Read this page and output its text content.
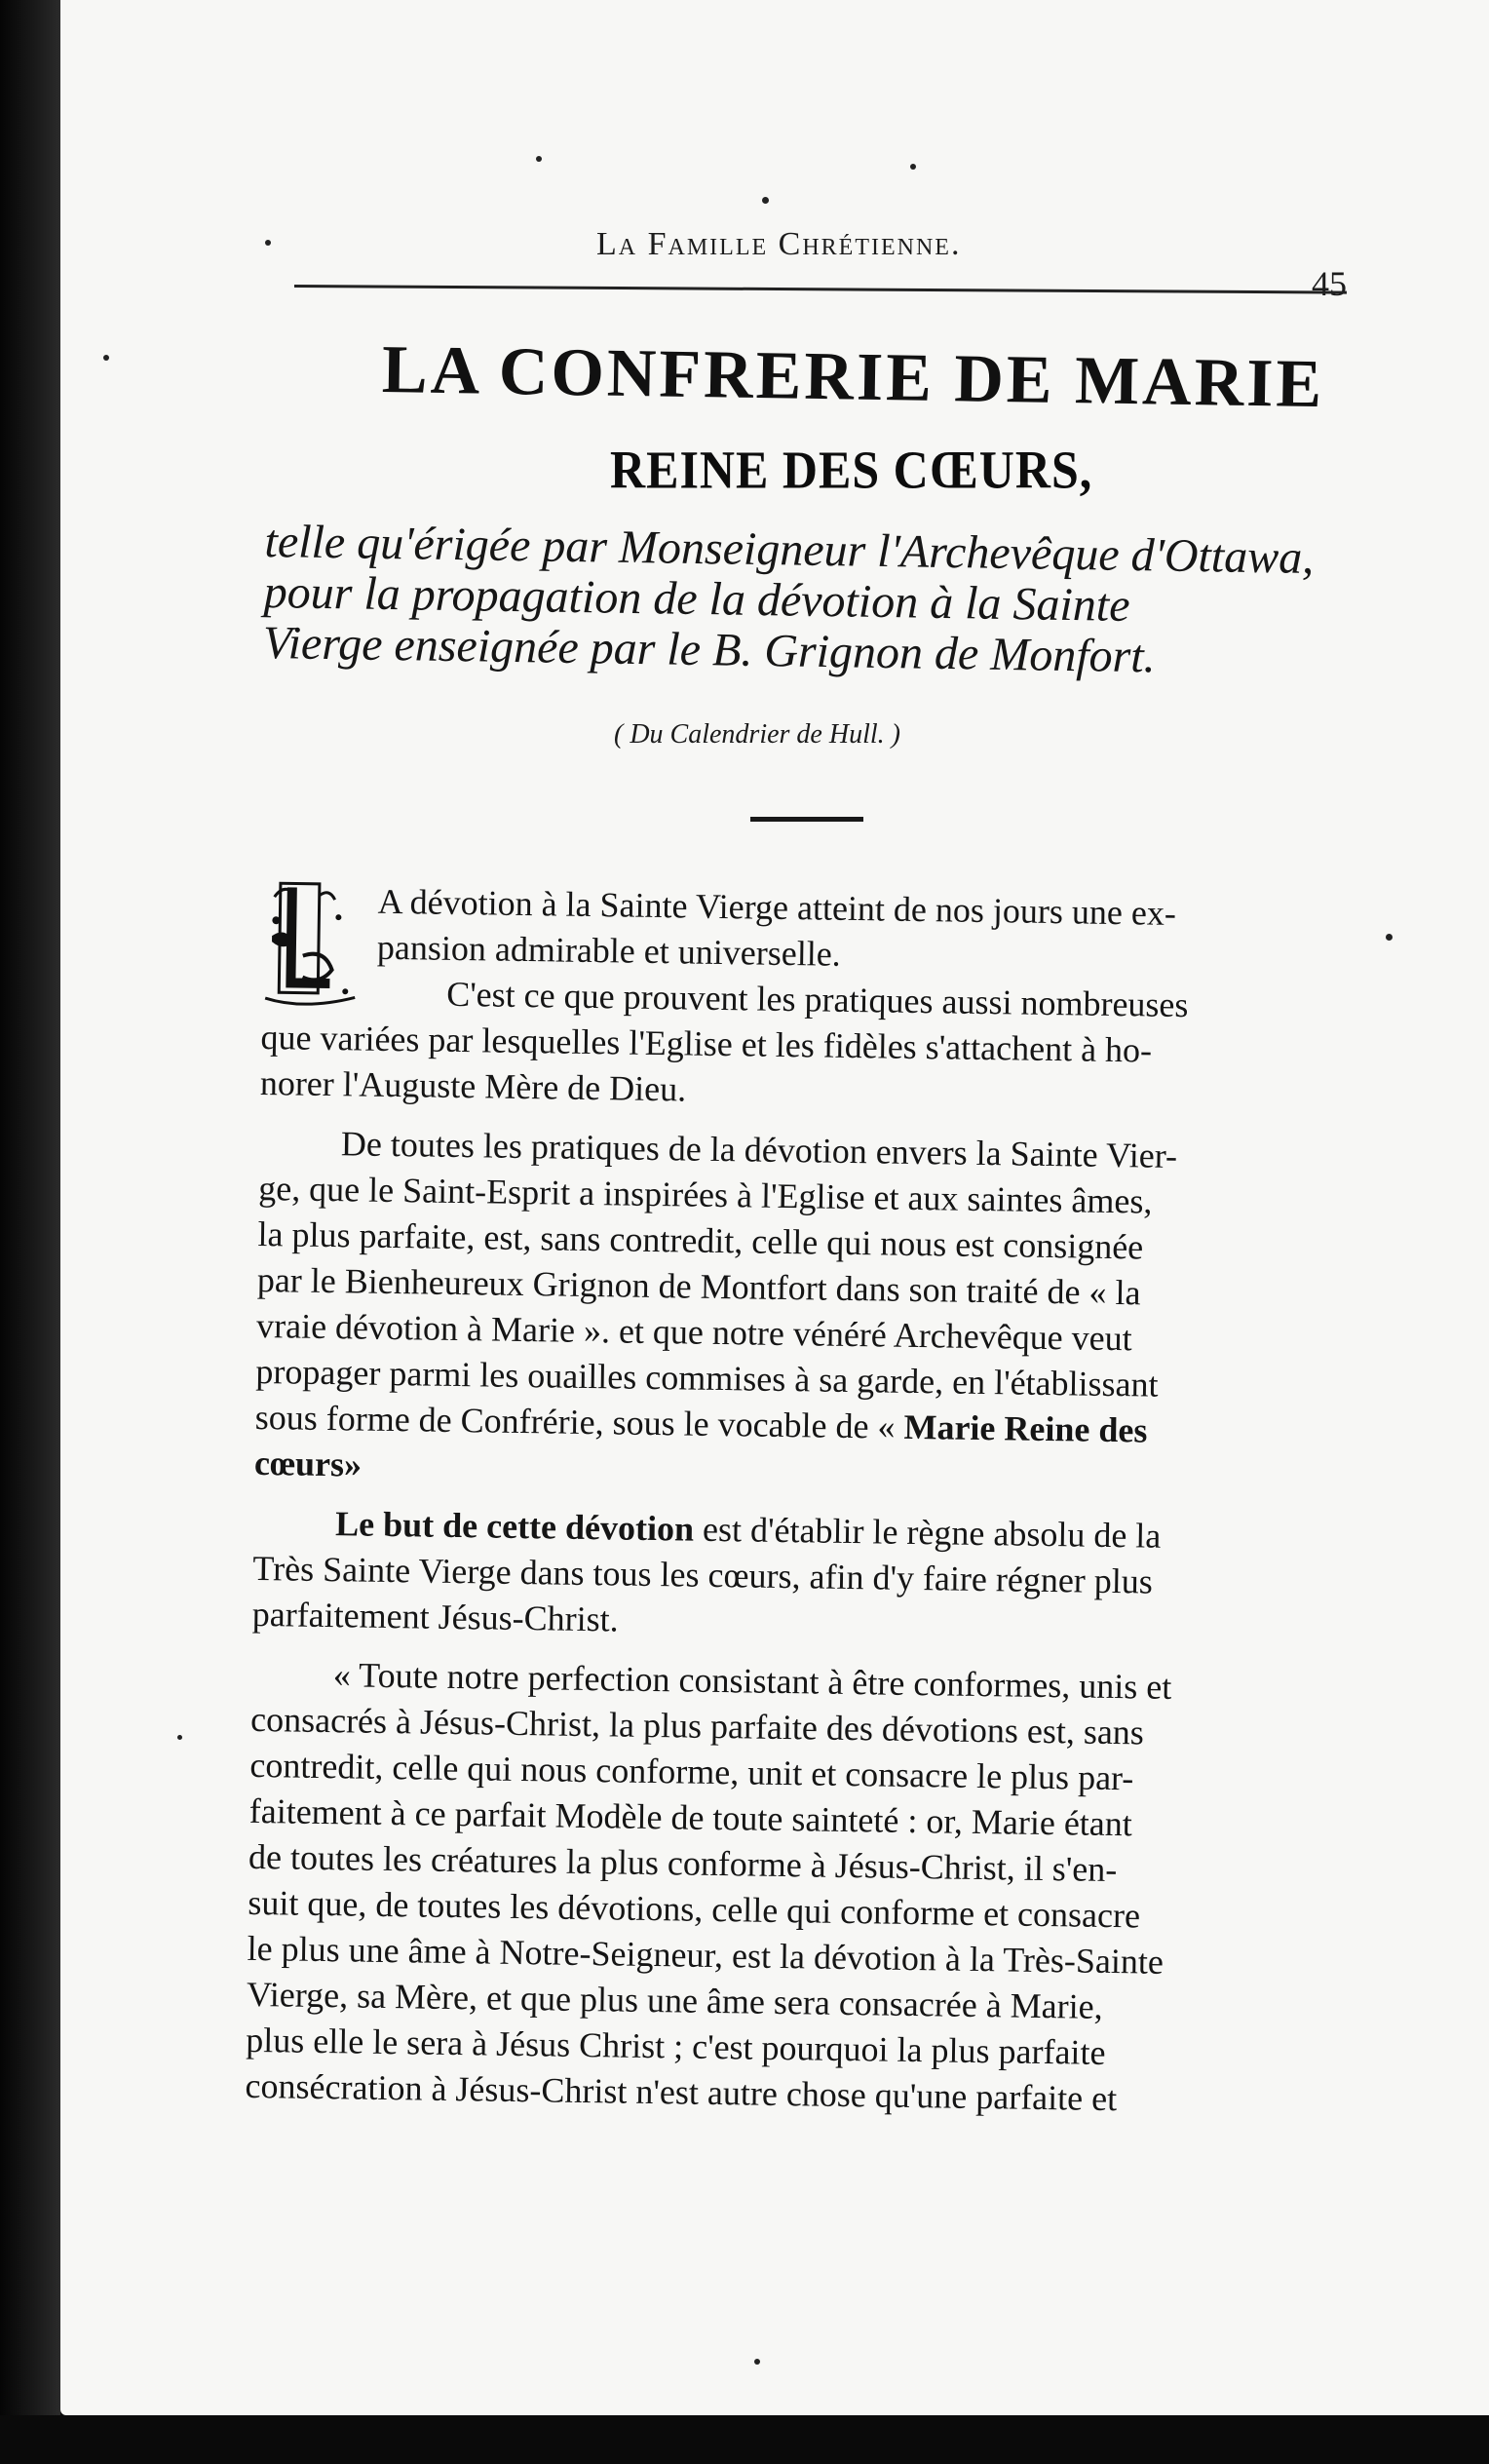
La Famille Chrétienne.

45

LA CONFRERIE DE MARIE
REINE DES CŒURS,
telle qu'érigée par Monseigneur l'Archevêque d'Ottawa,
pour la propagation de la dévotion à la Sainte
Vierge enseignée par le B. Grignon de Monfort.

( Du Calendrier de Hull. )

A dévotion à la Sainte Vierge atteint de nos jours une ex-
pansion admirable et universelle.
C'est ce que prouvent les pratiques aussi nombreuses
que variées par lesquelles l'Eglise et les fidèles s'attachent à ho-
norer l'Auguste Mère de Dieu.
De toutes les pratiques de la dévotion envers la Sainte Vier-
ge, que le Saint-Esprit a inspirées à l'Eglise et aux saintes âmes,
la plus parfaite, est, sans contredit, celle qui nous est consignée
par le Bienheureux Grignon de Montfort dans son traité de « la
vraie dévotion à Marie ». et que notre vénéré Archevêque veut
propager parmi les ouailles commises à sa garde, en l'établissant
sous forme de Confrérie, sous le vocable de « Marie Reine des
cœurs»
Le but de cette dévotion est d'établir le règne absolu de la
Très Sainte Vierge dans tous les cœurs, afin d'y faire régner plus
parfaitement Jésus-Christ.
« Toute notre perfection consistant à être conformes, unis et
consacrés à Jésus-Christ, la plus parfaite des dévotions est, sans
contredit, celle qui nous conforme, unit et consacre le plus par-
faitement à ce parfait Modèle de toute sainteté : or, Marie étant
de toutes les créatures la plus conforme à Jésus-Christ, il s'en-
suit que, de toutes les dévotions, celle qui conforme et consacre
le plus une âme à Notre-Seigneur, est la dévotion à la Très-Sainte
Vierge, sa Mère, et que plus une âme sera consacrée à Marie,
plus elle le sera à Jésus Christ ; c'est pourquoi la plus parfaite
consécration à Jésus-Christ n'est autre chose qu'une parfaite et
